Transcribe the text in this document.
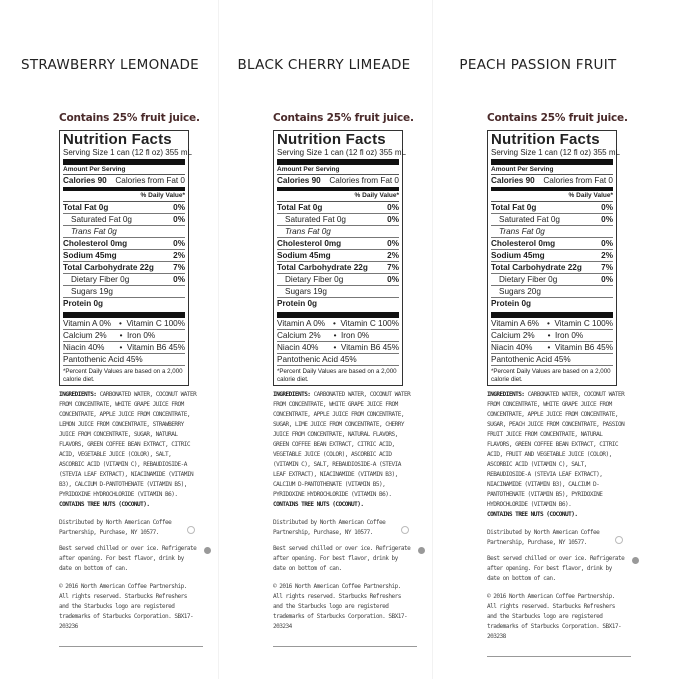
STRAWBERRY LEMONADE
Contains 25% fruit juice.
Nutrition Facts
Serving Size 1 can (12 fl oz) 355 mL
Amount Per Serving
Calories 90 Calories from Fat 0
% Daily Value*
Total Fat 0g	0%
Saturated Fat 0g	0%
Trans Fat 0g
Cholesterol 0mg	0%
Sodium 45mg	2%
Total Carbohydrate 22g 7%
Dietary Fiber 0g	0%
Sugars 19g
Protein 0g
Vitamin A 0% • Vitamin C 100%
Calcium 2%	• Iron 0%
Niacin 40%	• Vitamin B6 45%
Pantothenic Acid 45%
*Percent Daily Values are based on a 2,000 calorie diet.
INGREDIENTS: CARBONATED WATER, COCONUT WATER FROM CONCENTRATE, WHITE GRAPE JUICE FROM CONCENTRATE, APPLE JUICE FROM CONCENTRATE, LEMON JUICE FROM CONCENTRATE, STRAWBERRY JUICE FROM CONCENTRATE, SUGAR, NATURAL FLAVORS, GREEN COFFEE BEAN EXTRACT, CITRIC ACID, VEGETABLE JUICE (COLOR), SALT, ASCORBIC ACID (VITAMIN C), REBAUDIOSIDE-A (STEVIA LEAF EXTRACT), NIACINAMIDE (VITAMIN B3), CALCIUM D-PANTOTHENATE (VITAMIN B5), PYRIDOXINE HYDROCHLORIDE (VITAMIN B6).
CONTAINS TREE NUTS (COCONUT).
Distributed by North American Coffee Partnership, Purchase, NY 10577.
Best served chilled or over ice. Refrigerate after opening. For best flavor, drink by date on bottom of can.
© 2016 North American Coffee Partnership. All rights reserved. Starbucks Refreshers and the Starbucks logo are registered trademarks of Starbucks Corporation. SBX17-203236
BLACK CHERRY LIMEADE
Contains 25% fruit juice.
Nutrition Facts
Serving Size 1 can (12 fl oz) 355 mL
Amount Per Serving
Calories 90 Calories from Fat 0
% Daily Value*
Total Fat 0g	0%
Saturated Fat 0g	0%
Trans Fat 0g
Cholesterol 0mg	0%
Sodium 45mg	2%
Total Carbohydrate 22g 7%
Dietary Fiber 0g	0%
Sugars 19g
Protein 0g
Vitamin A 0% • Vitamin C 100%
Calcium 2%	• Iron 0%
Niacin 40%	• Vitamin B6 45%
Pantothenic Acid 45%
*Percent Daily Values are based on a 2,000 calorie diet.
INGREDIENTS: CARBONATED WATER, COCONUT WATER FROM CONCENTRATE, WHITE GRAPE JUICE FROM CONCENTRATE, APPLE JUICE FROM CONCENTRATE, SUGAR, LIME JUICE FROM CONCENTRATE, CHERRY JUICE FROM CONCENTRATE, NATURAL FLAVORS, GREEN COFFEE BEAN EXTRACT, CITRIC ACID, VEGETABLE JUICE (COLOR), ASCORBIC ACID (VITAMIN C), SALT, REBAUDIOSIDE-A (STEVIA LEAF EXTRACT), NIACINAMIDE (VITAMIN B3), CALCIUM D-PANTOTHENATE (VITAMIN B5), PYRIDOXINE HYDROCHLORIDE (VITAMIN B6).
CONTAINS TREE NUTS (COCONUT).
Distributed by North American Coffee Partnership, Purchase, NY 10577.
Best served chilled or over ice. Refrigerate after opening. For best flavor, drink by date on bottom of can.
© 2016 North American Coffee Partnership. All rights reserved. Starbucks Refreshers and the Starbucks logo are registered trademarks of Starbucks Corporation. SBX17-203234
PEACH PASSION FRUIT
Contains 25% fruit juice.
Nutrition Facts
Serving Size 1 can (12 fl oz) 355 mL
Amount Per Serving
Calories 90 Calories from Fat 0
% Daily Value*
Total Fat 0g	0%
Saturated Fat 0g	0%
Trans Fat 0g
Cholesterol 0mg	0%
Sodium 45mg	2%
Total Carbohydrate 22g 7%
Dietary Fiber 0g	0%
Sugars 20g
Protein 0g
Vitamin A 6% • Vitamin C 100%
Calcium 2%	• Iron 0%
Niacin 40%	• Vitamin B6 45%
Pantothenic Acid 45%
*Percent Daily Values are based on a 2,000 calorie diet.
INGREDIENTS: CARBONATED WATER, COCONUT WATER FROM CONCENTRATE, WHITE GRAPE JUICE FROM CONCENTRATE, APPLE JUICE FROM CONCENTRATE, SUGAR, PEACH JUICE FROM CONCENTRATE, PASSION FRUIT JUICE FROM CONCENTRATE, NATURAL FLAVORS, GREEN COFFEE BEAN EXTRACT, CITRIC ACID, FRUIT AND VEGETABLE JUICE (COLOR), ASCORBIC ACID (VITAMIN C), SALT, REBAUDIOSIDE-A (STEVIA LEAF EXTRACT), NIACINAMIDE (VITAMIN B3), CALCIUM D-PANTOTHENATE (VITAMIN B5), PYRIDOXINE HYDROCHLORIDE (VITAMIN B6).
CONTAINS TREE NUTS (COCONUT).
Distributed by North American Coffee Partnership, Purchase, NY 10577.
Best served chilled or over ice. Refrigerate after opening. For best flavor, drink by date on bottom of can.
© 2016 North American Coffee Partnership. All rights reserved. Starbucks Refreshers and the Starbucks logo are registered trademarks of Starbucks Corporation. SBX17-203238
